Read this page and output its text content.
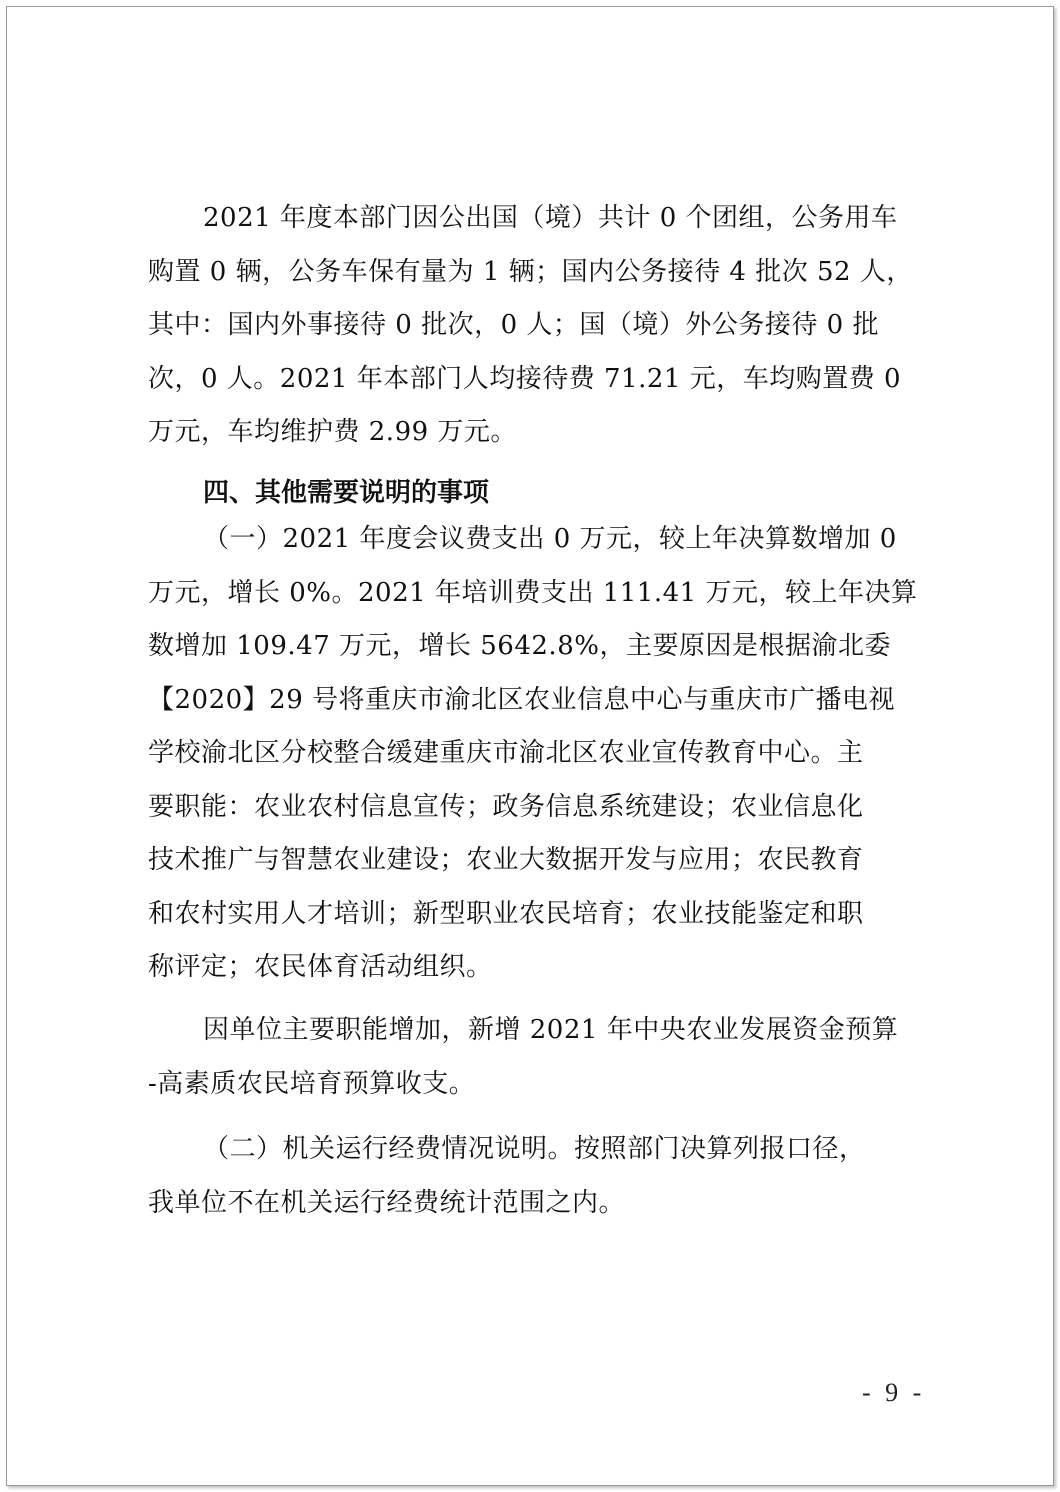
2021 年度本部门因公出国（境）共计 0 个团组，公务用车
购置 0 辆，公务车保有量为 1 辆；国内公务接待 4 批次 52 人，
其中：国内外事接待 0 批次，0 人；国（境）外公务接待 0 批
次，0 人。2021 年本部门人均接待费 71.21 元，车均购置费 0
万元，车均维护费 2.99 万元。
四、其他需要说明的事项
（一）2021 年度会议费支出 0 万元，较上年决算数增加 0
万元，增长 0%。2021 年培训费支出 111.41 万元，较上年决算
数增加 109.47 万元，增长 5642.8%，主要原因是根据渝北委
【2020】29 号将重庆市渝北区农业信息中心与重庆市广播电视
学校渝北区分校整合缓建重庆市渝北区农业宣传教育中心。主
要职能：农业农村信息宣传；政务信息系统建设；农业信息化
技术推广与智慧农业建设；农业大数据开发与应用；农民教育
和农村实用人才培训；新型职业农民培育；农业技能鉴定和职
称评定；农民体育活动组织。
因单位主要职能增加，新增 2021 年中央农业发展资金预算
-高素质农民培育预算收支。
（二）机关运行经费情况说明。按照部门决算列报口径，
我单位不在机关运行经费统计范围之内。
- 9 -
